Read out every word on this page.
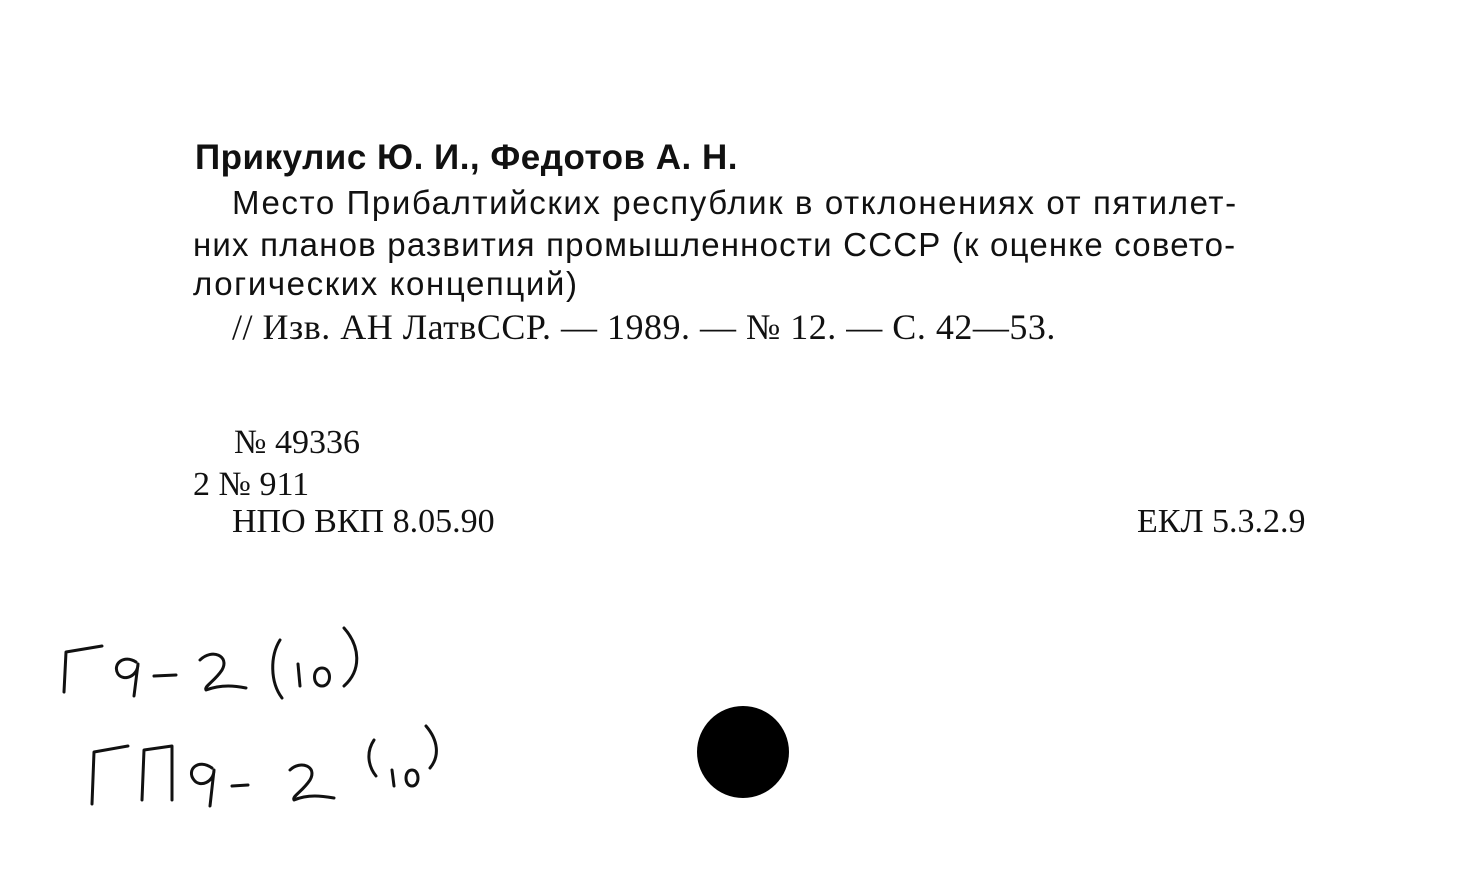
Прикулис Ю. И., Федотов А. Н.
Место Прибалтийских республик в отклонениях от пятилет-
них планов развития промышленности СССР (к оценке совето-
логических концепций)
// Изв. АН ЛатвССР. — 1989. — № 12. — С. 42—53.
№ 49336
2 № 911
НПО ВКП 8.05.90	ЕКЛ 5.3.2.9
